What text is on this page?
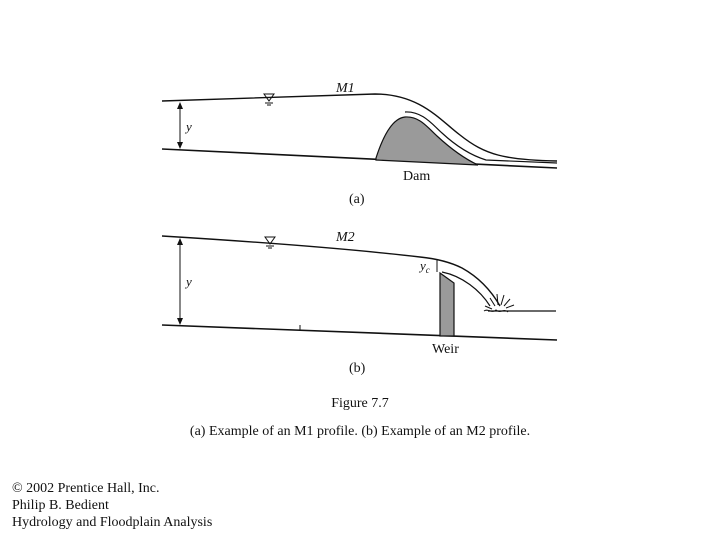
M1
y
Dam
(a)
M2
y
$y_c$
Weir
(b)
Figure 7.7
(a) Example of an M1 profile. (b) Example of an M2 profile.
© 2002 Prentice Hall, Inc.
Philip B. Bedient
Hydrology and Floodplain Analysis
